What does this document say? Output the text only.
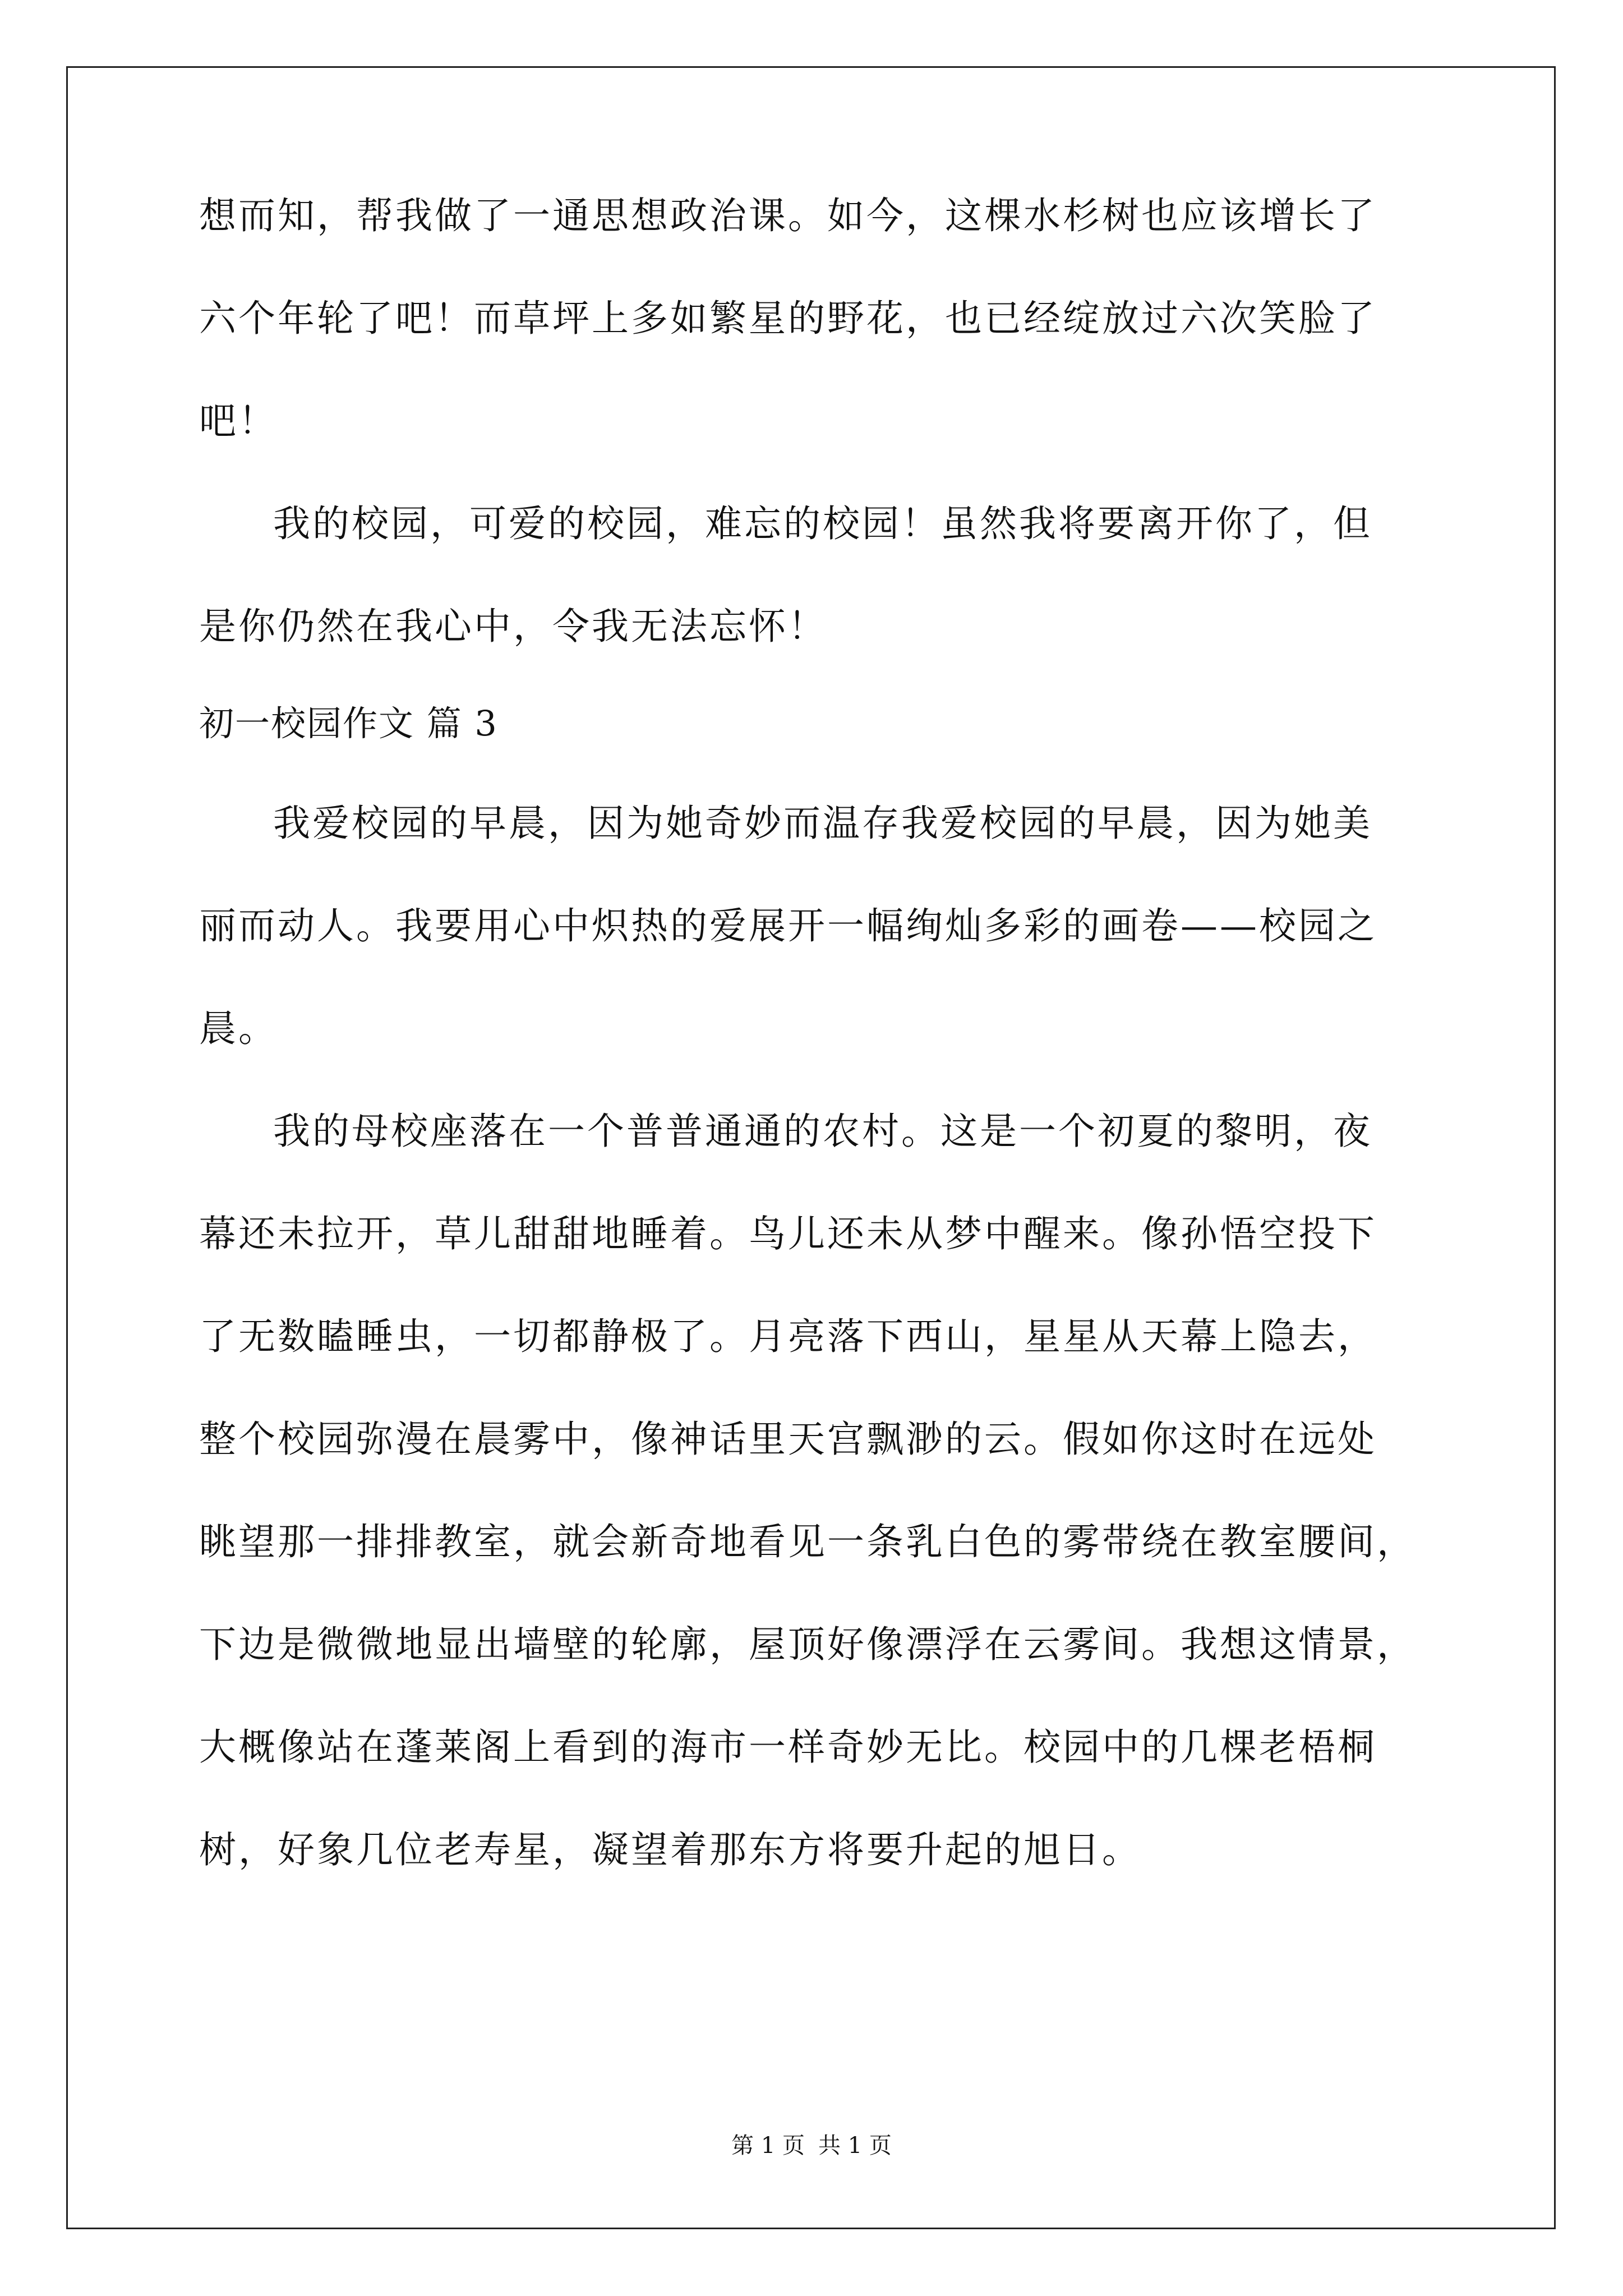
想而知，帮我做了一通思想政治课。如今，这棵水杉树也应该增长了
六个年轮了吧！而草坪上多如繁星的野花，也已经绽放过六次笑脸了
吧！
我的校园，可爱的校园，难忘的校园！虽然我将要离开你了，但
是你仍然在我心中，令我无法忘怀！
初一校园作文 篇 3
我爱校园的早晨，因为她奇妙而温存我爱校园的早晨，因为她美
丽而动人。我要用心中炽热的爱展开一幅绚灿多彩的画卷——校园之
晨。
我的母校座落在一个普普通通的农村。这是一个初夏的黎明，夜
幕还未拉开，草儿甜甜地睡着。鸟儿还未从梦中醒来。像孙悟空投下
了无数瞌睡虫，一切都静极了。月亮落下西山，星星从天幕上隐去，
整个校园弥漫在晨雾中，像神话里天宫飘渺的云。假如你这时在远处
眺望那一排排教室，就会新奇地看见一条乳白色的雾带绕在教室腰间，
下边是微微地显出墙壁的轮廓，屋顶好像漂浮在云雾间。我想这情景，
大概像站在蓬莱阁上看到的海市一样奇妙无比。校园中的几棵老梧桐
树，好象几位老寿星，凝望着那东方将要升起的旭日。
第 1 页 共 1 页
